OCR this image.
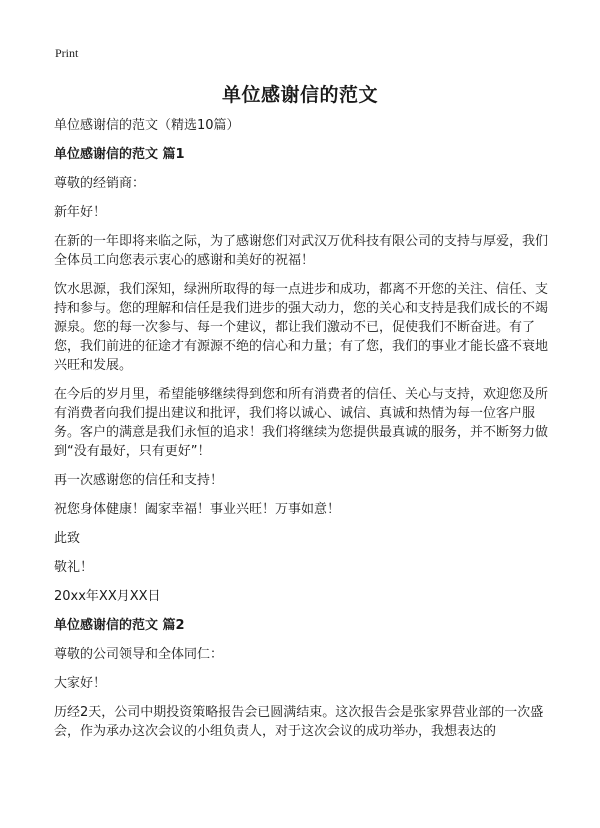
Print
单位感谢信的范文

单位感谢信的范文（精选10篇）

单位感谢信的范文 篇1

尊敬的经销商：

新年好！

在新的一年即将来临之际，为了感谢您们对武汉万优科技有限公司的支持与厚爱，我们全体员工向您表示衷心的感谢和美好的祝福！

饮水思源，我们深知，绿洲所取得的每一点进步和成功，都离不开您的关注、信任、支持和参与。您的理解和信任是我们进步的强大动力，您的关心和支持是我们成长的不竭源泉。您的每一次参与、每一个建议，都让我们激动不已，促使我们不断奋进。有了您，我们前进的征途才有源源不绝的信心和力量；有了您，我们的事业才能长盛不衰地兴旺和发展。

在今后的岁月里，希望能够继续得到您和所有消费者的信任、关心与支持，欢迎您及所有消费者向我们提出建议和批评，我们将以诚心、诚信、真诚和热情为每一位客户服务。客户的满意是我们永恒的追求！我们将继续为您提供最真诚的服务，并不断努力做到“没有最好，只有更好”！

再一次感谢您的信任和支持！

祝您身体健康！阖家幸福！事业兴旺！万事如意！

此致

敬礼！

20xx年XX月XX日

单位感谢信的范文 篇2

尊敬的公司领导和全体同仁：

大家好！

历经2天，公司中期投资策略报告会已圆满结束。这次报告会是张家界营业部的一次盛会，作为承办这次会议的小组负责人，对于这次会议的成功举办，我想表达的
